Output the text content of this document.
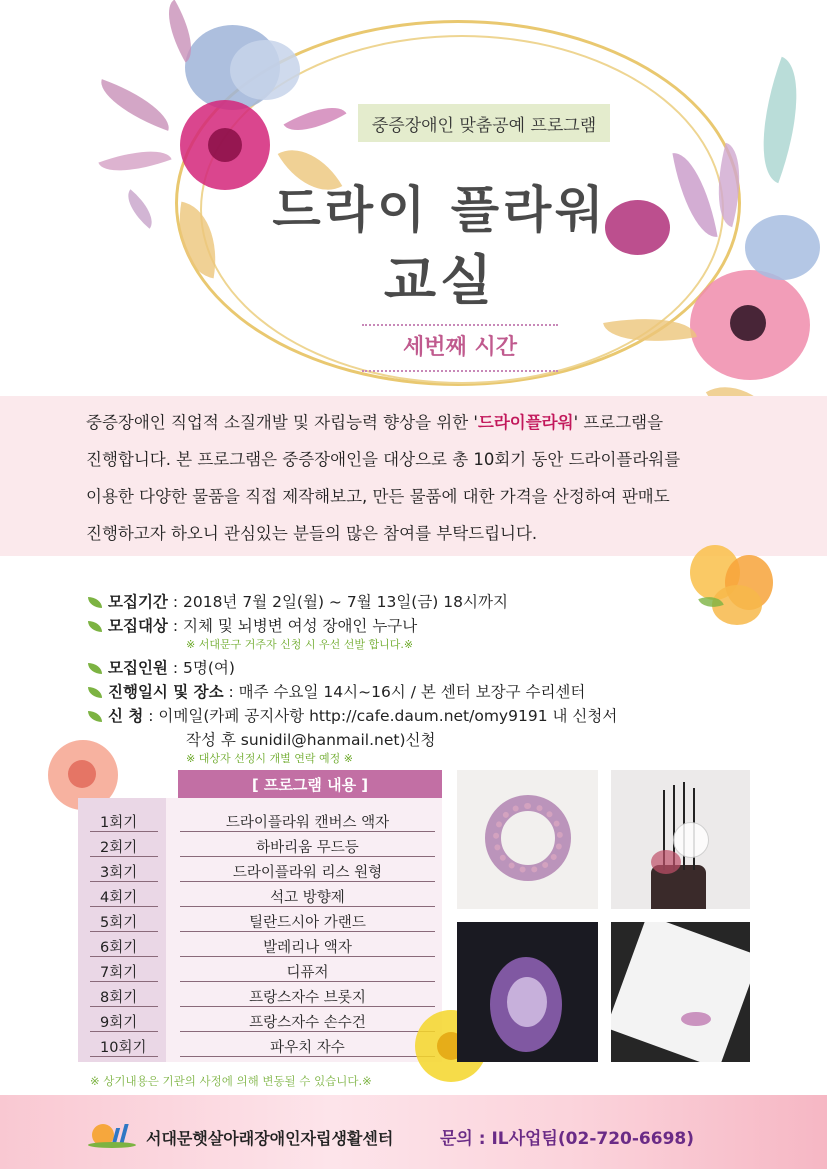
중증장애인 맞춤공예 프로그램
드라이 플라워
교실
세번째 시간
중증장애인 직업적 소질개발 및 자립능력 향상을 위한 '드라이플라워' 프로그램을
진행합니다. 본 프로그램은 중증장애인을 대상으로 총 10회기 동안 드라이플라워를
이용한 다양한 물품을 직접 제작해보고, 만든 물품에 대한 가격을 산정하여 판매도
진행하고자 하오니 관심있는 분들의 많은 참여를 부탁드립니다.
모집기간 : 2018년 7월 2일(월) ~ 7월 13일(금) 18시까지
모집대상 : 지체 및 뇌병변 여성 장애인 누구나
※ 서대문구 거주자 신청 시 우선 선발 합니다.※
모집인원 : 5명(여)
진행일시 및 장소 : 매주 수요일 14시~16시 / 본 센터 보장구 수리센터
신 청 : 이메일(카페 공지사항 http://cafe.daum.net/omy9191 내 신청서
작성 후 sunidil@hanmail.net)신청
※ 대상자 선정시 개별 연락 예정 ※
[ 프로그램 내용 ]
1회기	드라이플라워 캔버스 액자
2회기	하바리움 무드등
3회기	드라이플라워 리스 원형
4회기	석고 방향제
5회기	틸란드시아 가랜드
6회기	발레리나 액자
7회기	디퓨저
8회기	프랑스자수 브롯지
9회기	프랑스자수 손수건
10회기	파우치 자수
※ 상기내용은 기관의 사정에 의해 변동될 수 있습니다.※
서대문햇살아래장애인자립생활센터	문의 : IL사업팀(02-720-6698)
